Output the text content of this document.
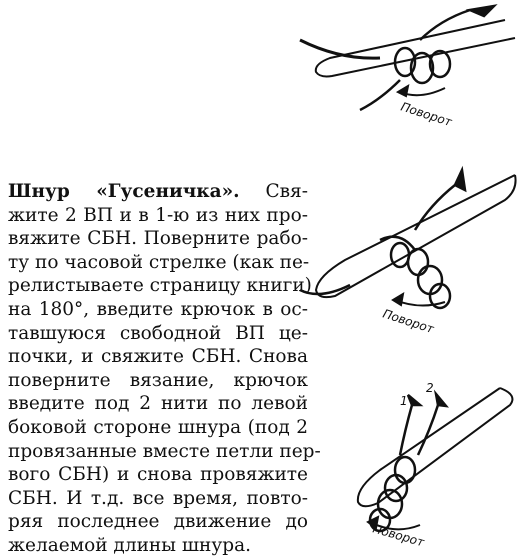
Поворот
Поворот
1
2
Поворот
Шнур «Гусеничка». Свя-
жите 2 ВП и в 1-ю из них про-
вяжите СБН. Поверните рабо-
ту по часовой стрелке (как пе-
релистываете страницу книги)
на 180°, введите крючок в ос-
тавшуюся свободной ВП це-
почки, и свяжите СБН. Снова
поверните вязание, крючок
введите под 2 нити по левой
боковой стороне шнура (под 2
провязанные вместе петли пер-
вого СБН) и снова провяжите
СБН. И т.д. все время, повто-
ряя последнее движение до
желаемой длины шнура.
